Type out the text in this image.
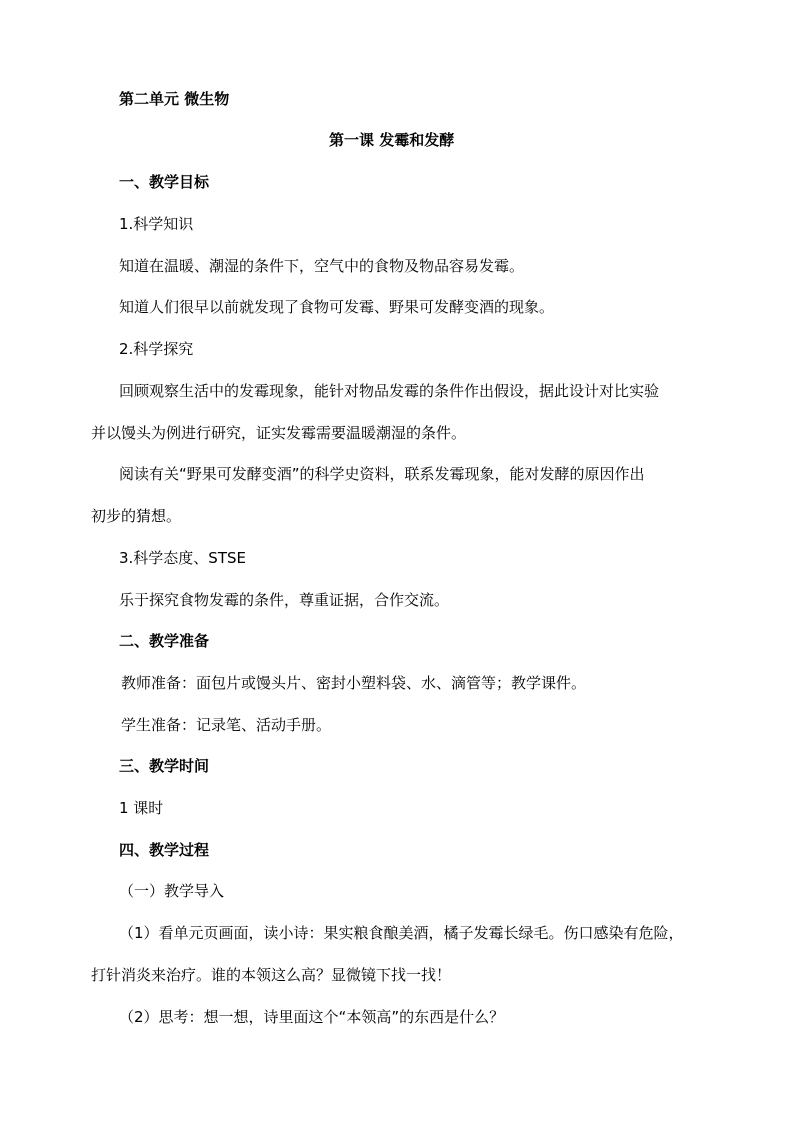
第二单元 微生物
第一课 发霉和发酵
一、教学目标
1.科学知识
知道在温暖、潮湿的条件下，空气中的食物及物品容易发霉。
知道人们很早以前就发现了食物可发霉、野果可发酵变酒的现象。
2.科学探究
回顾观察生活中的发霉现象，能针对物品发霉的条件作出假设，据此设计对比实验
并以馒头为例进行研究，证实发霉需要温暖潮湿的条件。
阅读有关“野果可发酵变酒”的科学史资料，联系发霉现象，能对发酵的原因作出
初步的猜想。
3.科学态度、STSE
乐于探究食物发霉的条件，尊重证据，合作交流。
二、教学准备
教师准备：面包片或馒头片、密封小塑料袋、水、滴管等；教学课件。
学生准备：记录笔、活动手册。
三、教学时间
1 课时
四、教学过程
（一）教学导入
（1）看单元页画面，读小诗：果实粮食酿美酒，橘子发霉长绿毛。伤口感染有危险，
打针消炎来治疗。谁的本领这么高？显微镜下找一找！
（2）思考：想一想，诗里面这个“本领高”的东西是什么？
